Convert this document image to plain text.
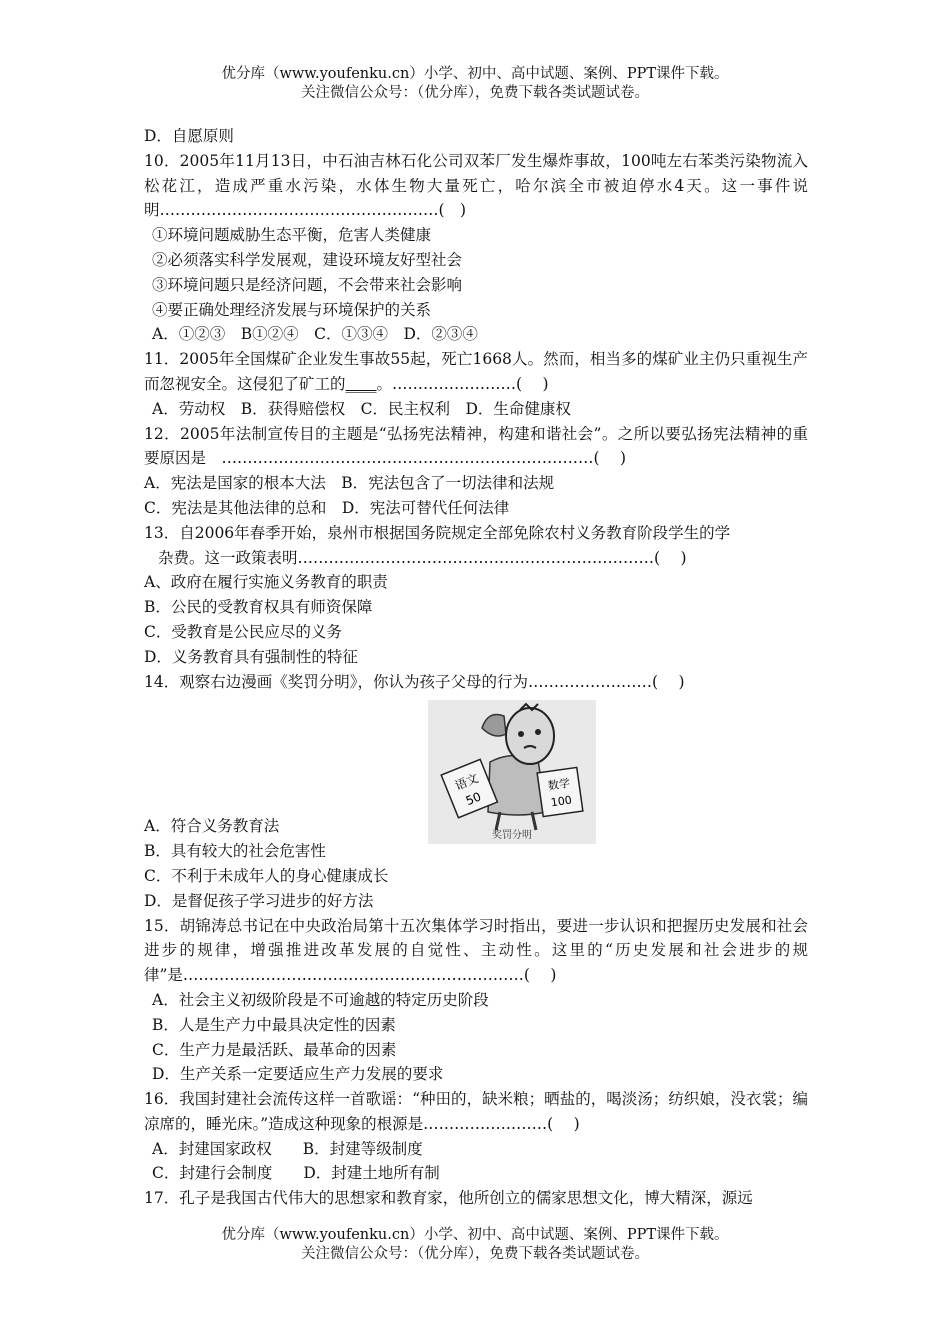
优分库（www.youfenku.cn）小学、初中、高中试题、案例、PPT课件下载。
关注微信公众号：（优分库），免费下载各类试题试卷。
D．自愿原则
10．2005年11月13日，中石油吉林石化公司双苯厂发生爆炸事故，100吨左右苯类污染物流入松花江，造成严重水污染，水体生物大量死亡，哈尔滨全市被迫停水4天。这一事件说明………………………………………………(　)
①环境问题威胁生态平衡，危害人类健康
②必须落实科学发展观，建设环境友好型社会
③环境问题只是经济问题，不会带来社会影响
④要正确处理经济发展与环境保护的关系
A．①②③　B①②④　C．①③④　D．②③④
11．2005年全国煤矿企业发生事故55起，死亡1668人。然而，相当多的煤矿业主仍只重视生产而忽视安全。这侵犯了矿工的____。……………………(　 )
A．劳动权　B．获得赔偿权　C．民主权利　D．生命健康权
12．2005年法制宣传目的主题是“弘扬宪法精神，构建和谐社会”。之所以要弘扬宪法精神的重要原因是　………………………………………………………………(　 )
A．宪法是国家的根本大法　B．宪法包含了一切法律和法规
C．宪法是其他法律的总和　D．宪法可替代任何法律
13．自2006年春季开始，泉州市根据国务院规定全部免除农村义务教育阶段学生的学
杂费。这一政策表明……………………………………………………………(　 )
A、政府在履行实施义务教育的职责
B．公民的受教育权具有师资保障
C．受教育是公民应尽的义务
D．义务教育具有强制性的特征
14．观察右边漫画《奖罚分明》，你认为孩子父母的行为……………………(　 )
语文
50
数学
100
奖罚分明
A．符合义务教育法
B．具有较大的社会危害性
C．不利于未成年人的身心健康成长
D．是督促孩子学习进步的好方法
15．胡锦涛总书记在中央政治局第十五次集体学习时指出，要进一步认识和把握历史发展和社会进步的规律，增强推进改革发展的自觉性、主动性。这里的“历史发展和社会进步的规律”是…………………………………………………………(　 )
A．社会主义初级阶段是不可逾越的特定历史阶段
B．人是生产力中最具决定性的因素
C．生产力是最活跃、最革命的因素
D．生产关系一定要适应生产力发展的要求
16．我国封建社会流传这样一首歌谣：“种田的，缺米粮；晒盐的，喝淡汤；纺织娘，没衣裳；编凉席的，睡光床。”造成这种现象的根源是……………………(　 )
A．封建国家政权　　B．封建等级制度
C．封建行会制度　　D．封建土地所有制
17．孔子是我国古代伟大的思想家和教育家，他所创立的儒家思想文化，博大精深，源远
优分库（www.youfenku.cn）小学、初中、高中试题、案例、PPT课件下载。
关注微信公众号：（优分库），免费下载各类试题试卷。
